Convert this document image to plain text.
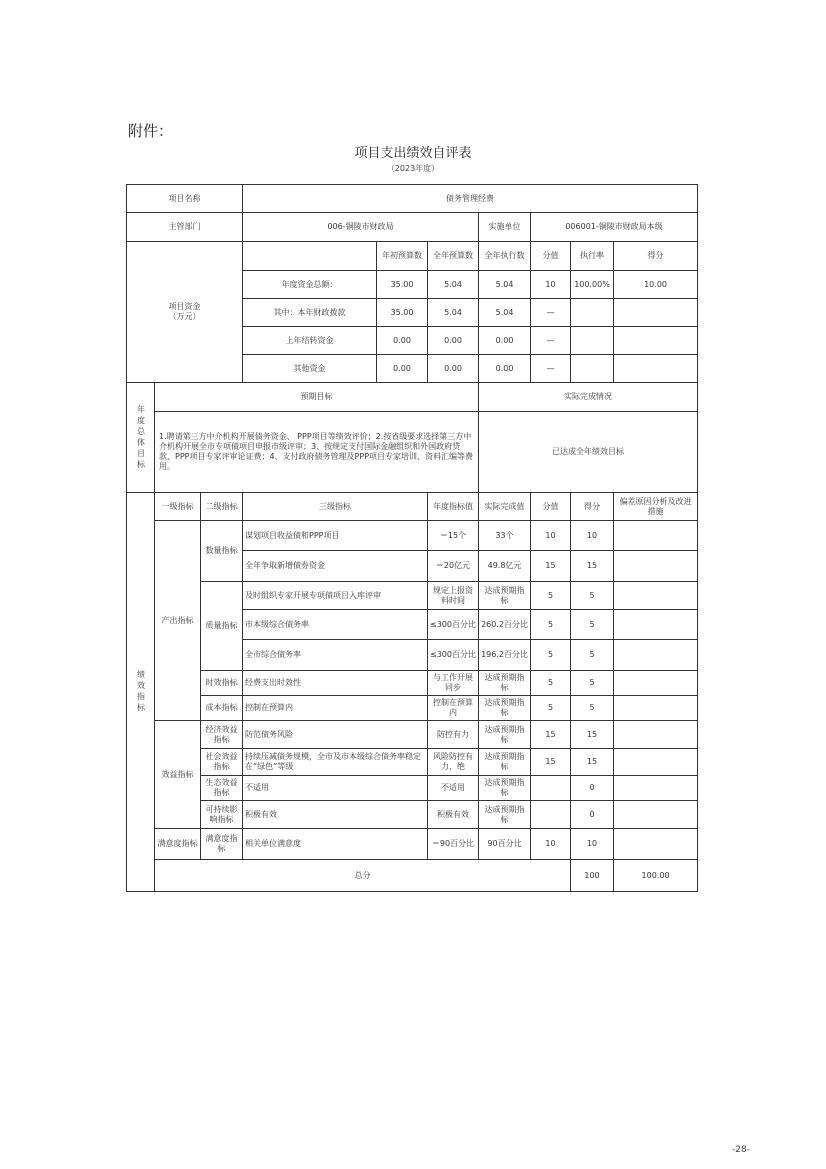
附件：
项目支出绩效自评表
（2023年度）
项目名称			债务管理经费							
主管部门			006-铜陵市财政局			实施单位	006001-铜陵市财政局本级			
项目资金
（万元）				年初预算数	全年预算数	全年执行数	分值	执行率	得分	
			年度资金总额：	35.00	5.04	5.04	10	100.00%	10.00	
			其中：本年财政拨款	35.00	5.04	5.04	—			
			上年结转资金	0.00	0.00	0.00	—			
			其他资金	0.00	0.00	0.00	—			

年度总体目标	预期目标					实际完成情况				
	1.聘请第三方中介机构开展债务资金、 PPP项目等绩效评价；2.按省级要求选择第三方中介机构开展全市专项债项目申报市级评审；3、按规定支付国际金融组织和外国政府贷款、PPP项目专家评审论证费；4、支付政府债务管理及PPP项目专家培训、资料汇编等费用。					已达成全年绩效目标				

绩效指标	一级指标	二级指标	三级指标		年度指标值	实际完成值	分值	得分	偏差原因分析及改进措施	
	产出指标	数量指标	谋划项目收益债和PPP项目		＝15个	33个	10	10		
			全年争取新增债券资金		＝20亿元	49.8亿元	15	15		
		质量指标	及时组织专家开展专项债项目入库评审		规定上报资料时间	达成预期指标	5	5		
			市本级综合债务率		≤300百分比	260.2百分比	5	5		
			全市综合债务率		≤300百分比	196.2百分比	5	5		
		时效指标	经费支出时效性		与工作开展同步	达成预期指标	5	5		
		成本指标	控制在预算内		控制在预算内	达成预期指标	5	5		
	效益指标	经济效益指标	防范债务风险		防控有力	达成预期指标	15	15		
		社会效益指标	持续压减债务规模，全市及市本级综合债务率稳定在“绿色”等级		风险防控有力，绝	达成预期指标	15	15		
		生态效益指标	不适用		不适用	达成预期指标		0		
		可持续影响指标	积极有效		积极有效	达成预期指标		0		
	满意度指标	满意度指标	相关单位满意度		＝90百分比	90百分比	10	10		
	总分							100	100.00	
-28-
